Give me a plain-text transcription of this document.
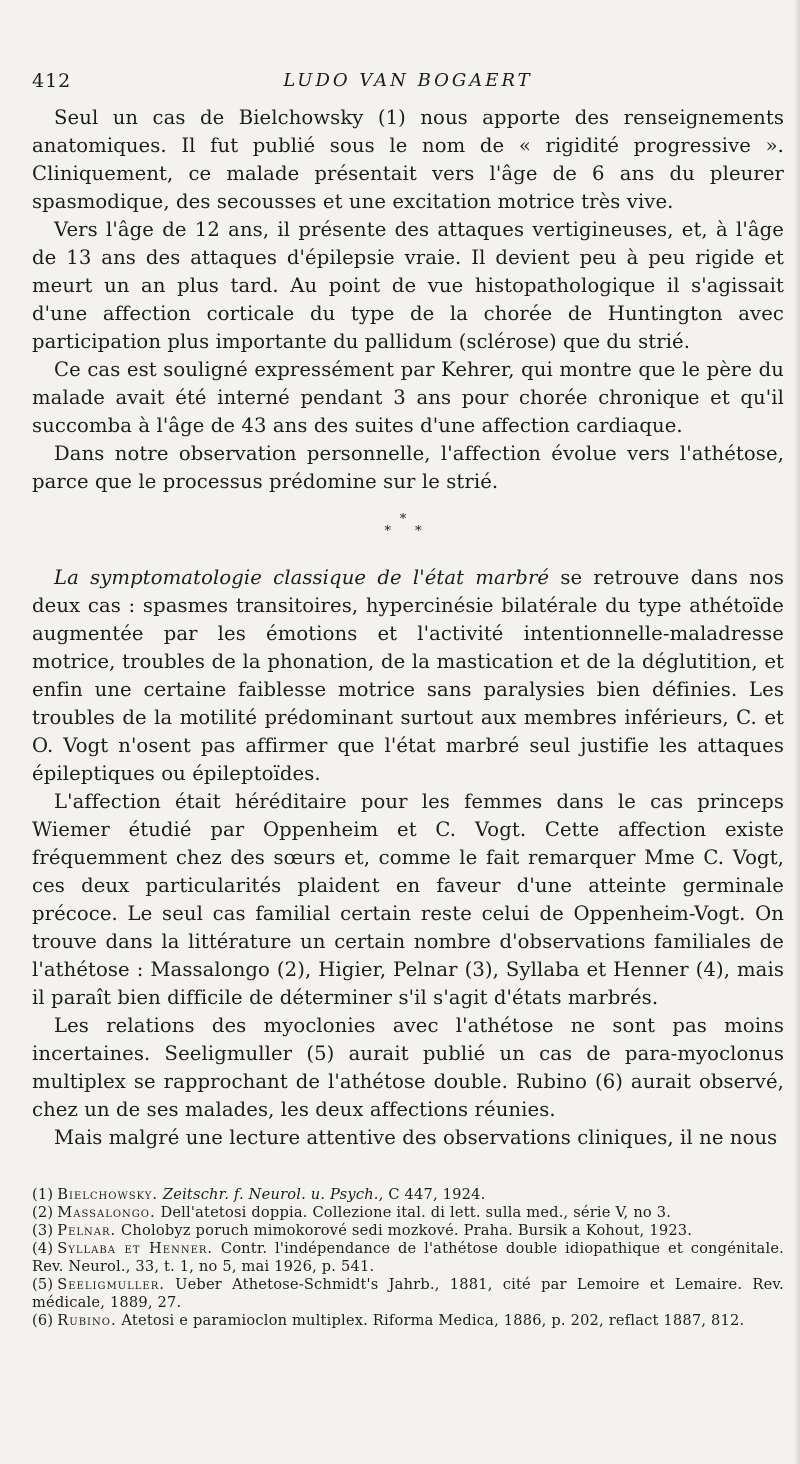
412	LUDO VAN BOGAERT

Seul un cas de Bielchowsky (1) nous apporte des renseignements anatomiques. Il fut publié sous le nom de « rigidité progressive ». Cliniquement, ce malade présentait vers l'âge de 6 ans du pleurer spasmodique, des secousses et une excitation motrice très vive.

Vers l'âge de 12 ans, il présente des attaques vertigineuses, et, à l'âge de 13 ans des attaques d'épilepsie vraie. Il devient peu à peu rigide et meurt un an plus tard. Au point de vue histopathologique il s'agissait d'une affection corticale du type de la chorée de Huntington avec participation plus importante du pallidum (sclérose) que du strié.

Ce cas est souligné expressément par Kehrer, qui montre que le père du malade avait été interné pendant 3 ans pour chorée chronique et qu'il succomba à l'âge de 43 ans des suites d'une affection cardiaque.

Dans notre observation personnelle, l'affection évolue vers l'athétose, parce que le processus prédomine sur le strié.

*
* *

La symptomatologie classique de l'état marbré se retrouve dans nos deux cas : spasmes transitoires, hypercinésie bilatérale du type athétoïde augmentée par les émotions et l'activité intentionnelle-maladresse motrice, troubles de la phonation, de la mastication et de la déglutition, et enfin une certaine faiblesse motrice sans paralysies bien définies. Les troubles de la motilité prédominant surtout aux membres inférieurs, C. et O. Vogt n'osent pas affirmer que l'état marbré seul justifie les attaques épileptiques ou épileptoïdes.

L'affection était héréditaire pour les femmes dans le cas princeps Wiemer étudié par Oppenheim et C. Vogt. Cette affection existe fréquemment chez des sœurs et, comme le fait remarquer Mme C. Vogt, ces deux particularités plaident en faveur d'une atteinte germinale précoce. Le seul cas familial certain reste celui de Oppenheim-Vogt. On trouve dans la littérature un certain nombre d'observations familiales de l'athétose : Massalongo (2), Higier, Pelnar (3), Syllaba et Henner (4), mais il paraît bien difficile de déterminer s'il s'agit d'états marbrés.

Les relations des myoclonies avec l'athétose ne sont pas moins incertaines. Seeligmuller (5) aurait publié un cas de para-myoclonus multiplex se rapprochant de l'athétose double. Rubino (6) aurait observé, chez un de ses malades, les deux affections réunies.

Mais malgré une lecture attentive des observations cliniques, il ne nous

(1) Bielchowsky. Zeitschr. f. Neurol. u. Psych., C 447, 1924.

(2) Massalongo. Dell'atetosi doppia. Collezione ital. di lett. sulla med., série V, no 3.

(3) Pelnar. Cholobyz poruch mimokorové sedi mozkové. Praha. Bursik a Kohout, 1923.

(4) Syllaba et Henner. Contr. l'indépendance de l'athétose double idiopathique et congénitale. Rev. Neurol., 33, t. 1, no 5, mai 1926, p. 541.

(5) Seeligmuller. Ueber Athetose-Schmidt's Jahrb., 1881, cité par Lemoire et Lemaire. Rev. médicale, 1889, 27.

(6) Rubino. Atetosi e paramioclon multiplex. Riforma Medica, 1886, p. 202, reflact 1887, 812.
